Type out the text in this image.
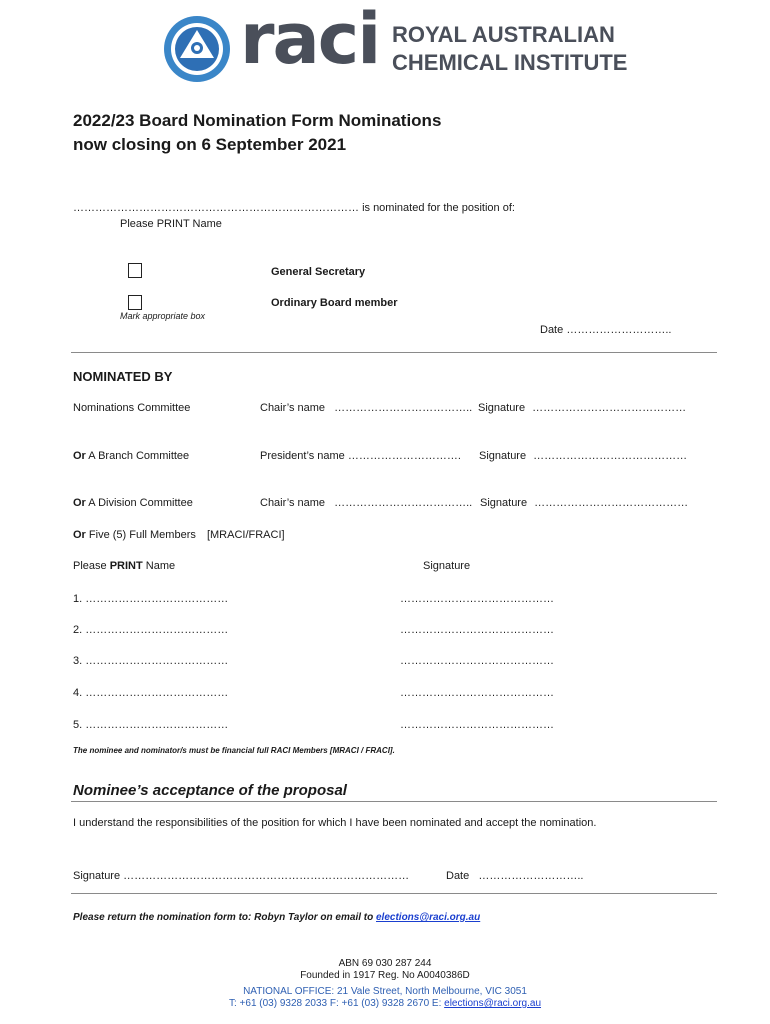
raci ROYAL AUSTRALIAN
CHEMICAL INSTITUTE
2022/23 Board Nomination Form Nominations
now closing on 6 September 2021
…………………………………………………………………… is nominated for the position of:
Please PRINT Name
General Secretary
Ordinary Board member
Mark appropriate box
Date ………………………..
NOMINATED BY
Nominations Committee	Chair’s name ……………………………….. Signature ……………………………………
Or A Branch Committee	President’s name …………………………. Signature ……………………………………
Or A Division Committee	Chair’s name ……………………………….. Signature ……………………………………
Or Five (5) Full Members [MRACI/FRACI]
Please PRINT Name	Signature
1. …………………………………	……………………………………
2. …………………………………	……………………………………
3. …………………………………	……………………………………
4. …………………………………	……………………………………
5. …………………………………	……………………………………
The nominee and nominator/s must be financial full RACI Members [MRACI / FRACI].
Nominee’s acceptance of the proposal
I understand the responsibilities of the position for which I have been nominated and accept the nomination.
Signature ……………………………………………………………………	Date ………………………..
Please return the nomination form to: Robyn Taylor on email to elections@raci.org.au
ABN 69 030 287 244
Founded in 1917 Reg. No A0040386D
NATIONAL OFFICE: 21 Vale Street, North Melbourne, VIC 3051
T: +61 (03) 9328 2033 F: +61 (03) 9328 2670 E: elections@raci.org.au
